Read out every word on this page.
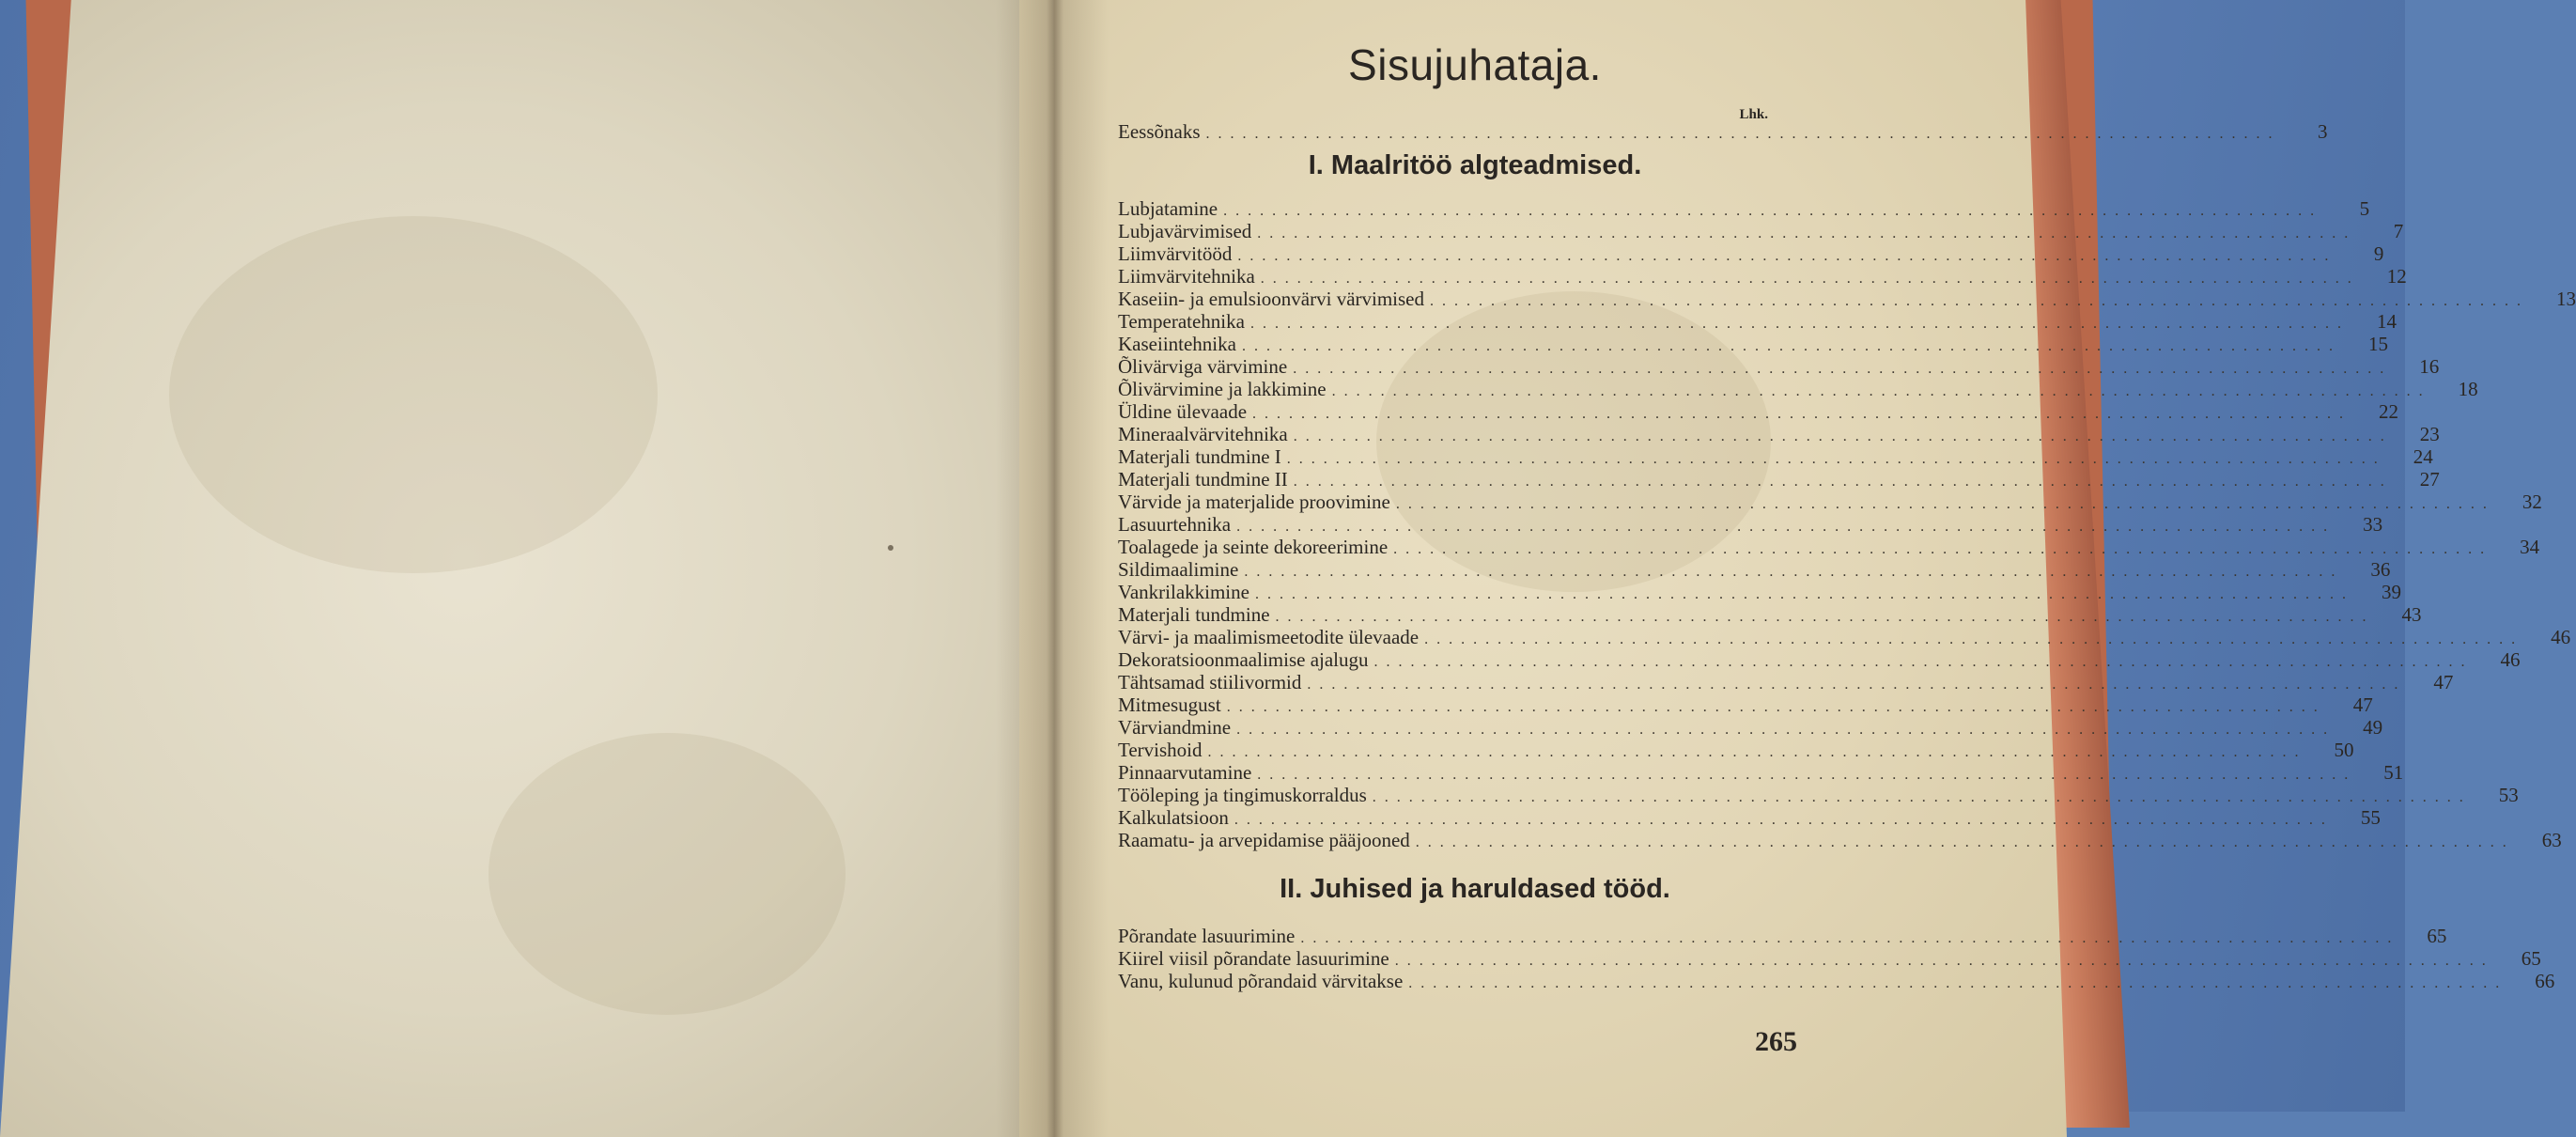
Sisujuhataja.
Lhk.
Eessõnaks ........................................................................................	3
I. Maalritöö algteadmised.
Lubjatamine ..........................................................................................	5
Lubjavärvimised ..........................................................................................	7
Liimvärvitööd ..........................................................................................	9
Liimvärvitehnika ..........................................................................................	12
Kaseiin- ja emulsioonvärvi värvimised ..........................................................................................	13
Temperatehnika ..........................................................................................	14
Kaseiintehnika ..........................................................................................	15
Õlivärviga värvimine ..........................................................................................	16
Õlivärvimine ja lakkimine ..........................................................................................	18
Üldine ülevaade ..........................................................................................	22
Mineraalvärvitehnika ..........................................................................................	23
Materjali tundmine I ..........................................................................................	24
Materjali tundmine II ..........................................................................................	27
Värvide ja materjalide proovimine ..........................................................................................	32
Lasuurtehnika ..........................................................................................	33
Toalagede ja seinte dekoreerimine ..........................................................................................	34
Sildimaalimine ..........................................................................................	36
Vankrilakkimine ..........................................................................................	39
Materjali tundmine ..........................................................................................	43
Värvi- ja maalimismeetodite ülevaade ..........................................................................................	46
Dekoratsioonmaalimise ajalugu ..........................................................................................	46
Tähtsamad stiilivormid ..........................................................................................	47
Mitmesugust ..........................................................................................	47
Värviandmine ..........................................................................................	49
Tervishoid ..........................................................................................	50
Pinnaarvutamine ..........................................................................................	51
Tööleping ja tingimuskorraldus ..........................................................................................	53
Kalkulatsioon ..........................................................................................	55
Raamatu- ja arvepidamise pääjooned ..........................................................................................	63
II. Juhised ja haruldased tööd.
Põrandate lasuurimine ..........................................................................................	65
Kiirel viisil põrandate lasuurimine ..........................................................................................	65
Vanu, kulunud põrandaid värvitakse ..........................................................................................	66
265
